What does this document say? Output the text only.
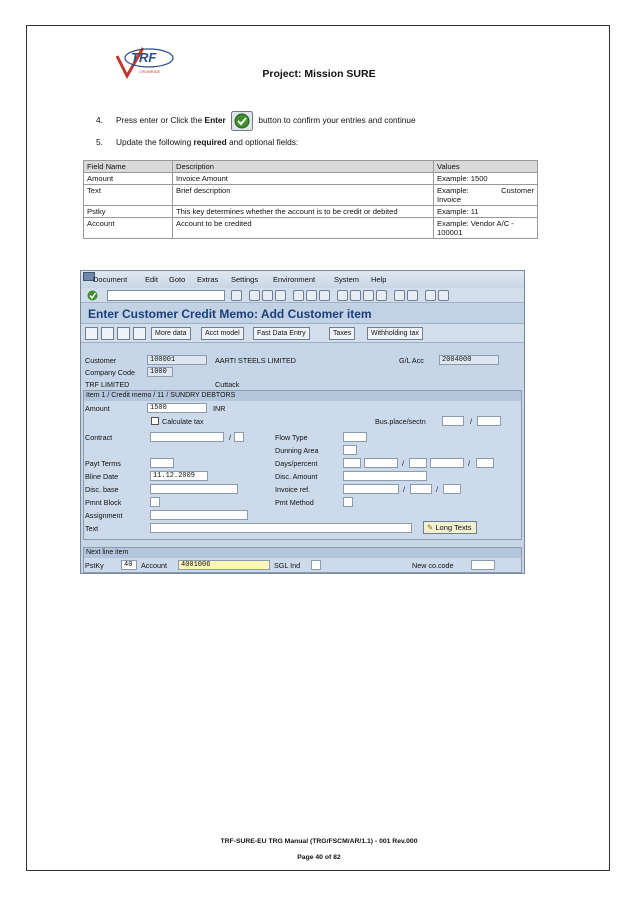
TRF
CRONRIDE	Project: Mission SURE
4. Press enter or Click the Enter	button to confirm your entries and continue
5. Update the following required and optional fields:
Field Name	Description	Values
Amount	Invoice Amount	Example: 1500
Text	Brief description	Example: Customer
Invoice

Pstky	This key determines whether the account is to be credit or debited	Example: 11
Account	Account to be credited	Example: Vendor A/C - 100001
Document Edit Goto Extras Settings Environment	System Help
Enter Customer Credit Memo: Add Customer item
More data	Acct model	Fast Data Entry	Taxes	Withholding tax
Customer	100001	AARTI STEELS LIMITED	G/L Acc	2004000
Company Code	1000
TRF LIMITED	Cuttack
Item 1 / Credit memo / 11 / SUNDRY DEBTORS
Amount	1500	INR
Calculate tax	Bus.place/sectn	/
Contract	/	Flow Type
Dunning Area
Payt Terms	Days/percent	/	/
Bline Date	11.12.2009	Disc. Amount
Disc. base	Invoice ref.	/	/
Pmnt Block	Pmt Method
Assignment
Text	✎ Long Texts
Next line item
PstKy	40	Account	4001006	SGL Ind	New co.code
TRF-SURE-EU TRG Manual (TRG/FSCM/AR/1.1) - 001 Rev.000
Page 40 of 82
